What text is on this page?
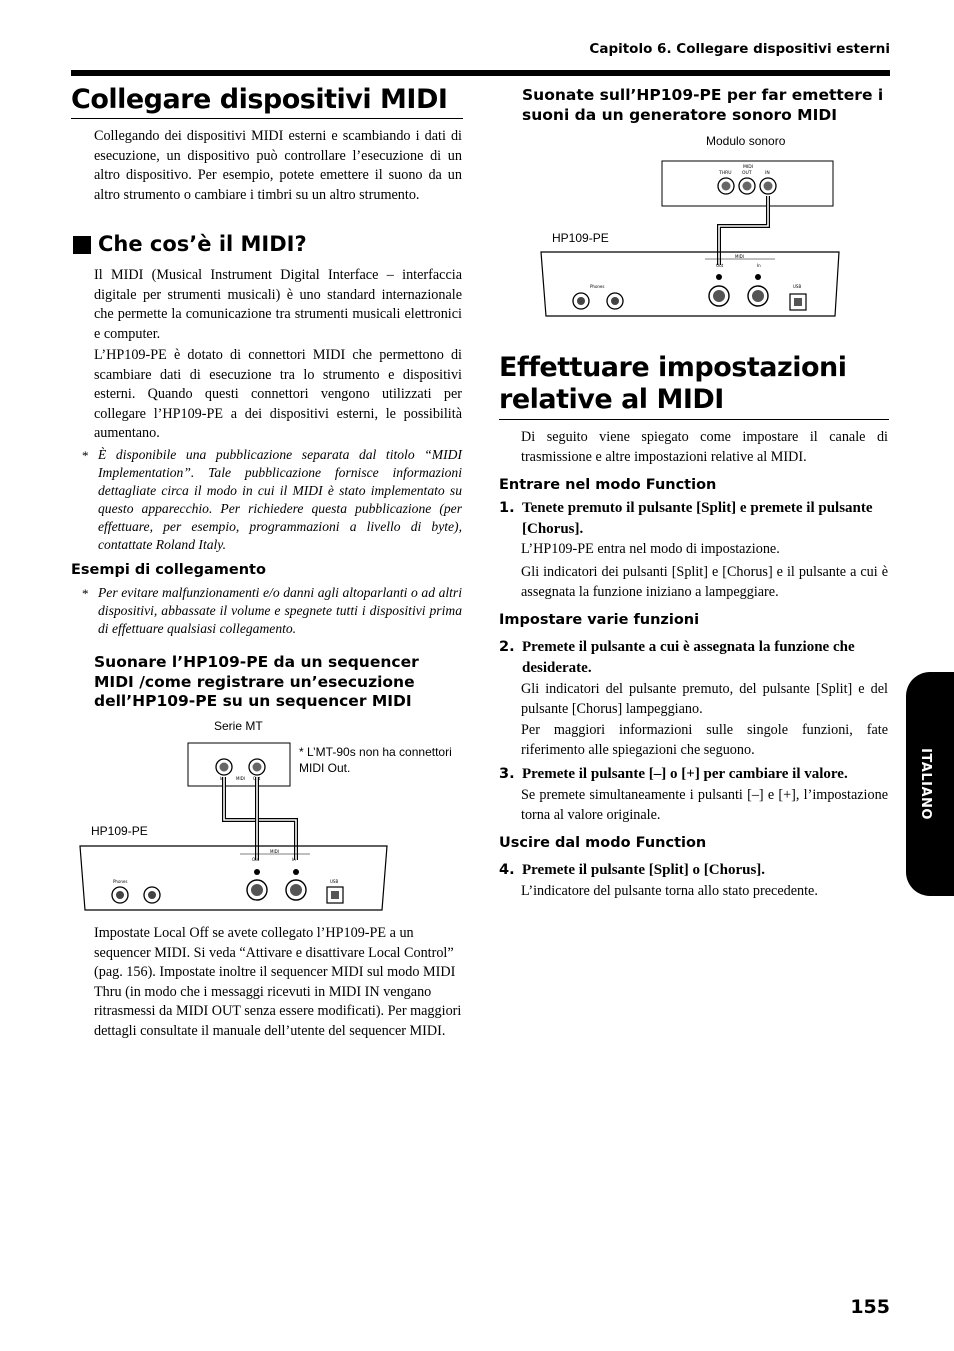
Capitolo 6. Collegare dispositivi esterni
Collegare dispositivi MIDI
Collegando dei dispositivi MIDI esterni e scambiando i dati di esecuzione, un dispositivo può controllare l’esecuzione di un altro dispositivo. Per esempio, potete emettere il suono da un altro strumento o cambiare i timbri su un altro strumento.
Che cos’è il MIDI?
Il MIDI (Musical Instrument Digital Interface – interfaccia digitale per strumenti musicali) è uno standard internazionale che permette la comunicazione tra strumenti musicali elettronici e computer.
L’HP109-PE è dotato di connettori MIDI che permettono di scambiare dati di esecuzione tra lo strumento e dispositivi esterni. Quando questi connettori vengono utilizzati per collegare l’HP109-PE a dei dispositivi esterni, le possibilità aumentano.
* È disponibile una pubblicazione separata dal titolo “MIDI Implementation”. Tale pubblicazione fornisce informazioni dettagliate circa il modo in cui il MIDI è stato implementato su questo apparecchio. Per richiedere questa pubblicazione (per effettuare, per esempio, programmazioni a livello di byte), contattate Roland Italy.
Esempi di collegamento
* Per evitare malfunzionamenti e/o danni agli altoparlanti o ad altri dispositivi, abbassate il volume e spegnete tutti i dispositivi prima di effettuare qualsiasi collegamento.
Suonare l’HP109-PE da un sequencer MIDI /come registrare un’esecuzione dell’HP109-PE su un sequencer MIDI
Serie MT
* L’MT-90s non ha connettori MIDI Out.
HP109-PE
In	MIDI Out
MIDI
Out	In
Phones	USB
THRU
MIDI
OUT	IN
MIDI
Out	In
Phones	USB
Impostate Local Off se avete collegato l’HP109-PE a un sequencer MIDI. Si veda “Attivare e disattivare Local Control” (pag. 156). Impostate inoltre il sequencer MIDI sul modo MIDI Thru (in modo che i messaggi ricevuti in MIDI IN vengano ritrasmessi da MIDI OUT senza essere modificati). Per maggiori dettagli consultate il manuale dell’utente del sequencer MIDI.
Suonate sull’HP109-PE per far emettere i suoni da un generatore sonoro MIDI
Modulo sonoro
HP109-PE
Effettuare impostazioni
relative al MIDI
Di seguito viene spiegato come impostare il canale di trasmissione e altre impostazioni relative al MIDI.
Entrare nel modo Function
1. Tenete premuto il pulsante [Split] e premete il pulsante [Chorus].
L’HP109-PE entra nel modo di impostazione.
Gli indicatori dei pulsanti [Split] e [Chorus] e il pulsante a cui è assegnata la funzione iniziano a lampeggiare.
Impostare varie funzioni
2. Premete il pulsante a cui è assegnata la funzione che desiderate.
Gli indicatori del pulsante premuto, del pulsante [Split] e del pulsante [Chorus] lampeggiano.
Per maggiori informazioni sulle singole funzioni, fate riferimento alle spiegazioni che seguono.
3. Premete il pulsante [–] o [+] per cambiare il valore.
Se premete simultaneamente i pulsanti [–] e [+], l’impostazione torna al valore originale.
Uscire dal modo Function
4. Premete il pulsante [Split] o [Chorus].
L’indicatore del pulsante torna allo stato precedente.
ITALIANO
155
